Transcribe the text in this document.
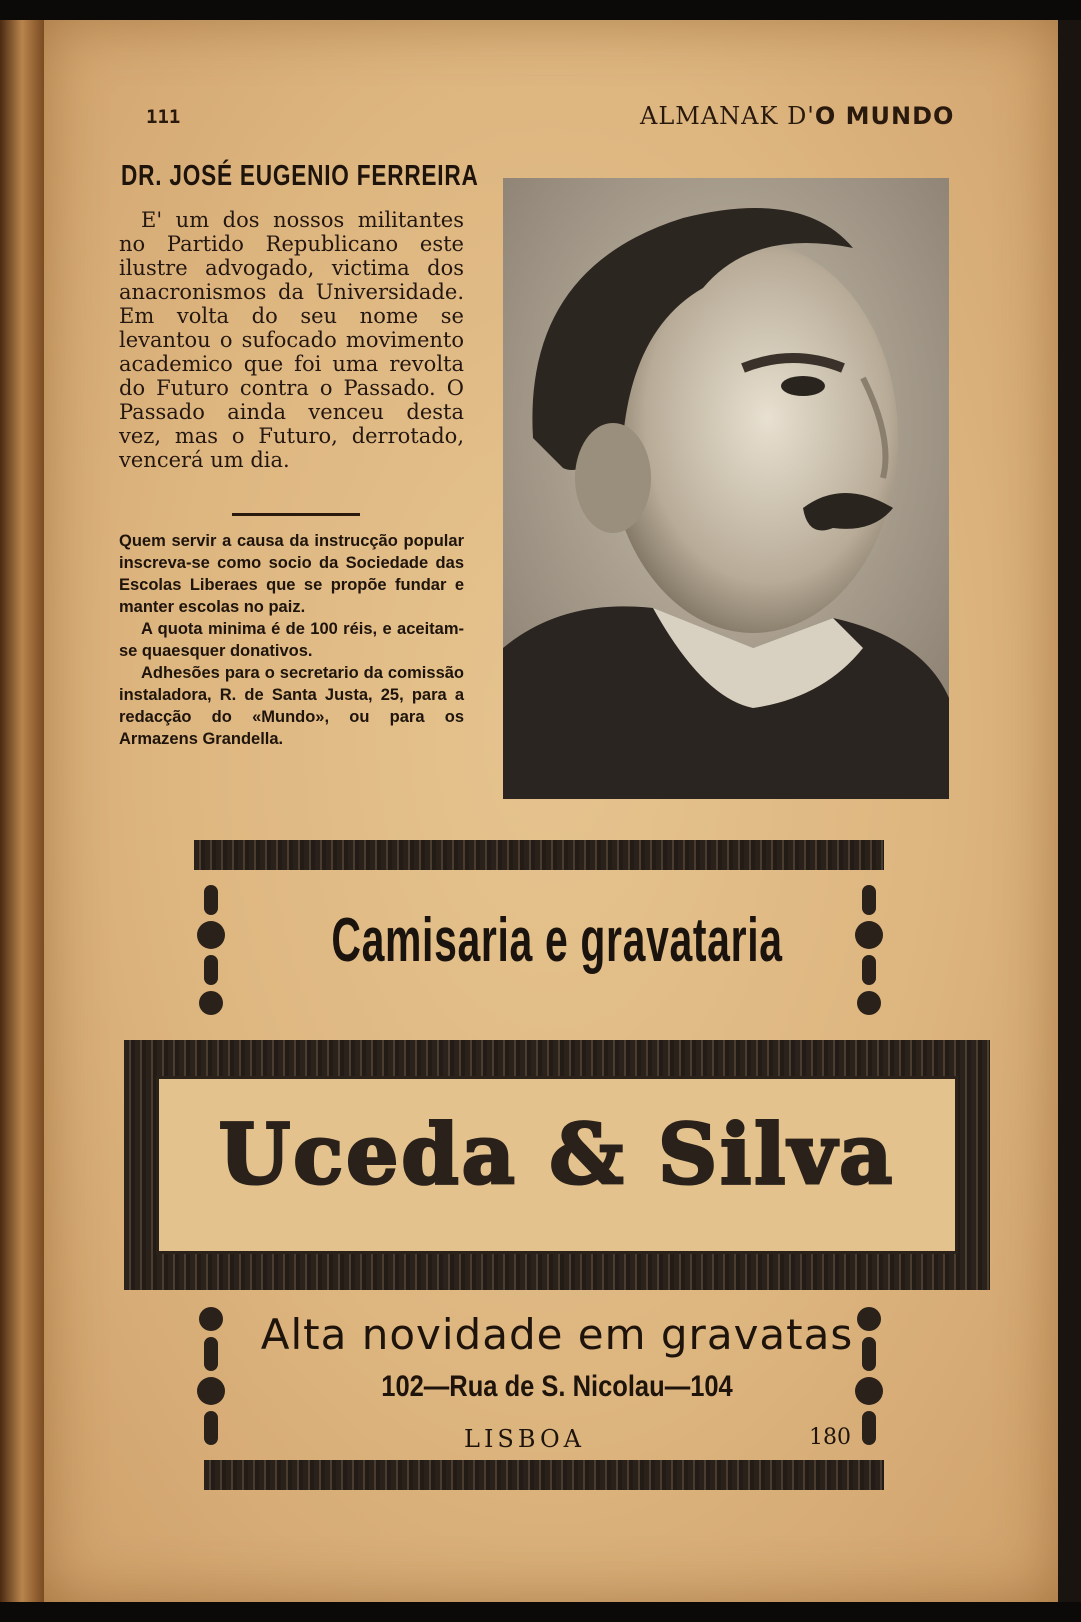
111	ALMANAK D'O MUNDO
DR. JOSÉ EUGENIO FERREIRA
E' um dos nossos militantes no Partido Republicano este ilustre advogado, victima dos anacronismos da Universidade. Em volta do seu nome se levantou o sufocado movimento academico que foi uma revolta do Futuro contra o Passado. O Passado ainda venceu desta vez, mas o Futuro, derrotado, vencerá um dia.

Quem servir a causa da instrucção popular inscreva-se como socio da Sociedade das Escolas Liberaes que se propõe fundar e manter escolas no paiz.

A quota minima é de 100 réis, e aceitam-se quaesquer donativos.

Adhesões para o secretario da comissão instaladora, R. de Santa Justa, 25, para a redacção do «Mundo», ou para os Armazens Grandella.

Camisaria e gravataria
Uceda & Silva
Alta novidade em gravatas
102—Rua de S. Nicolau—104
LISBOA	180
